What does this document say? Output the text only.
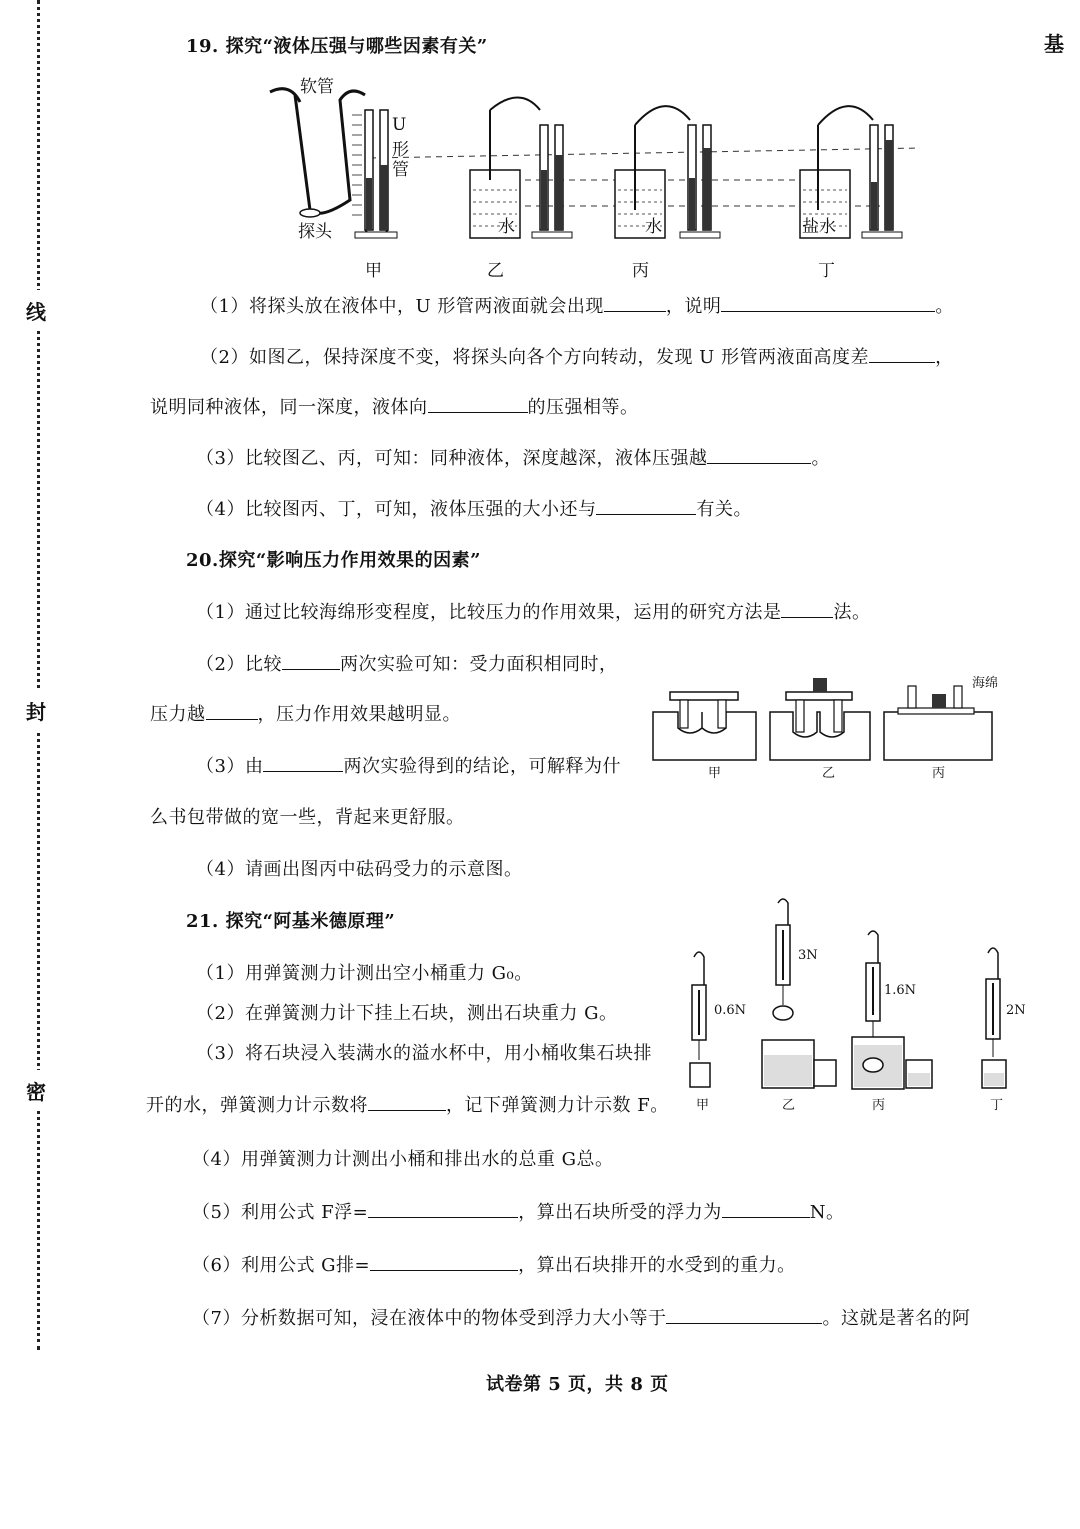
线
封
密
基
19. 探究“液体压强与哪些因素有关”
软管
U
形
管
探头	水	水	盐水
甲	乙	丙	丁
（1）将探头放在液体中，U 形管两液面就会出现	，说明	。
（2）如图乙，保持深度不变，将探头向各个方向转动，发现 U 形管两液面高度差	，
说明同种液体，同一深度，液体向	的压强相等。
（3）比较图乙、丙，可知：同种液体，深度越深，液体压强越	。
（4）比较图丙、丁，可知，液体压强的大小还与	有关。
20.探究“影响压力作用效果的因素”
（1）通过比较海绵形变程度，比较压力的作用效果，运用的研究方法是	法。
（2）比较	两次实验可知：受力面积相同时，
压力越	，压力作用效果越明显。
（3）由	两次实验得到的结论，可解释为什
么书包带做的宽一些，背起来更舒服。
（4）请画出图丙中砝码受力的示意图。
海绵
甲	乙	丙
21. 探究“阿基米德原理”
（1）用弹簧测力计测出空小桶重力 G₀。
（2）在弹簧测力计下挂上石块，测出石块重力 G。
（3）将石块浸入装满水的溢水杯中，用小桶收集石块排
开的水，弹簧测力计示数将	，记下弹簧测力计示数 F。
（4）用弹簧测力计测出小桶和排出水的总重 G总。
（5）利用公式 F浮=	，算出石块所受的浮力为	N。
（6）利用公式 G排=	，算出石块排开的水受到的重力。
（7）分析数据可知，浸在液体中的物体受到浮力大小等于	。这就是著名的阿
0.6N
3N
1.6N
2N
甲	乙	丙	丁
试卷第 5 页，共 8 页
